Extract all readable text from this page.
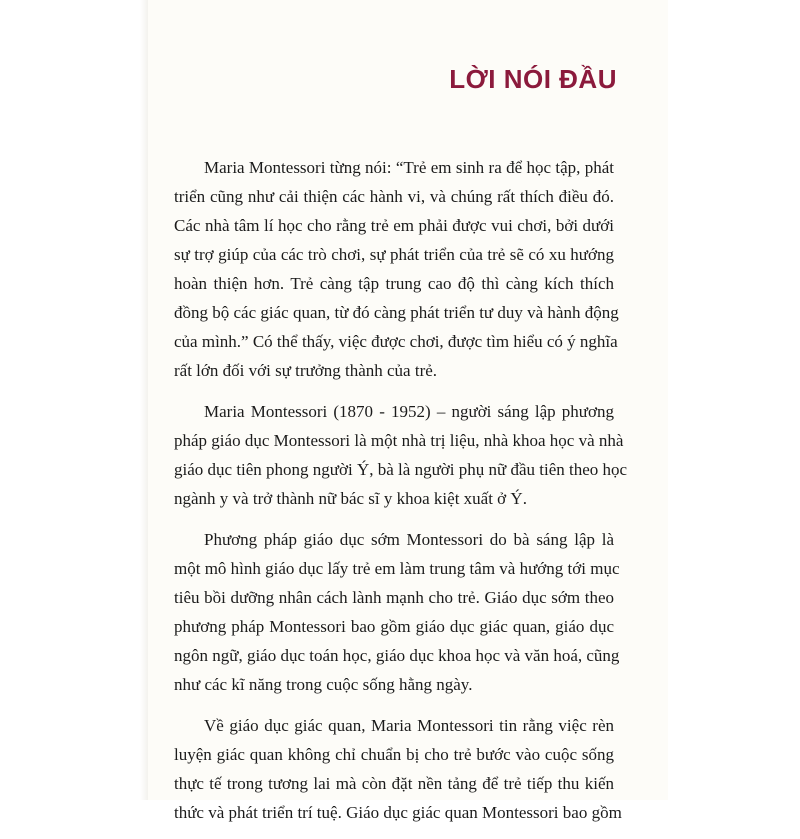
LỜI NÓI ĐẦU

Maria Montessori từng nói: “Trẻ em sinh ra để học tập, phát
triển cũng như cải thiện các hành vi, và chúng rất thích điều đó.
Các nhà tâm lí học cho rằng trẻ em phải được vui chơi, bởi dưới
sự trợ giúp của các trò chơi, sự phát triển của trẻ sẽ có xu hướng
hoàn thiện hơn. Trẻ càng tập trung cao độ thì càng kích thích
đồng bộ các giác quan, từ đó càng phát triển tư duy và hành động
của mình.” Có thể thấy, việc được chơi, được tìm hiểu có ý nghĩa
rất lớn đối với sự trưởng thành của trẻ.

Maria Montessori (1870 - 1952) – người sáng lập phương
pháp giáo dục Montessori là một nhà trị liệu, nhà khoa học và nhà
giáo dục tiên phong người Ý, bà là người phụ nữ đầu tiên theo học
ngành y và trở thành nữ bác sĩ y khoa kiệt xuất ở Ý.

Phương pháp giáo dục sớm Montessori do bà sáng lập là
một mô hình giáo dục lấy trẻ em làm trung tâm và hướng tới mục
tiêu bồi dưỡng nhân cách lành mạnh cho trẻ. Giáo dục sớm theo
phương pháp Montessori bao gồm giáo dục giác quan, giáo dục
ngôn ngữ, giáo dục toán học, giáo dục khoa học và văn hoá, cũng
như các kĩ năng trong cuộc sống hằng ngày.

Về giáo dục giác quan, Maria Montessori tin rằng việc rèn
luyện giác quan không chỉ chuẩn bị cho trẻ bước vào cuộc sống
thực tế trong tương lai mà còn đặt nền tảng để trẻ tiếp thu kiến
thức và phát triển trí tuệ. Giáo dục giác quan Montessori bao gồm
